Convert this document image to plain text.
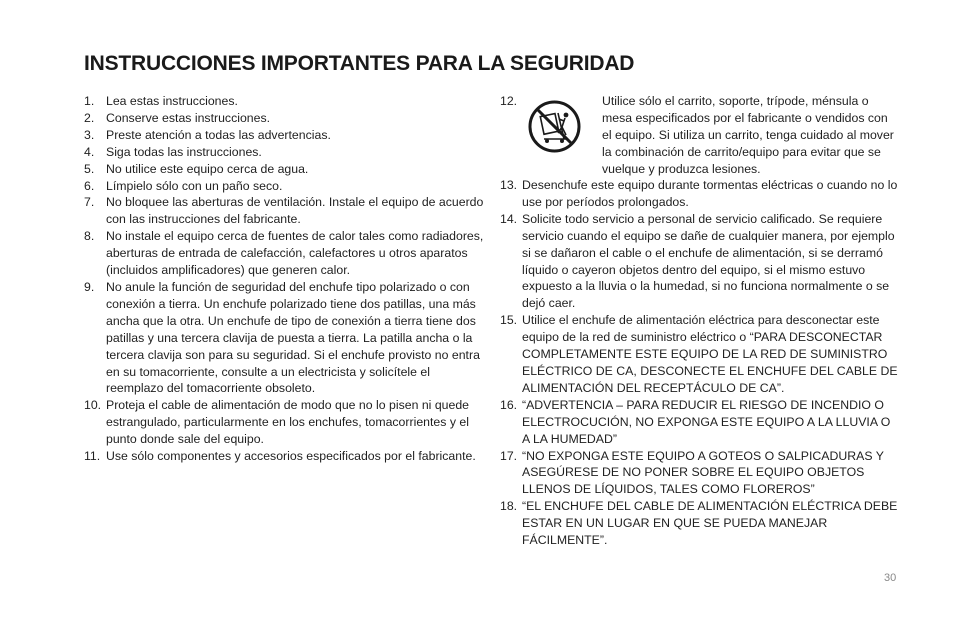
INSTRUCCIONES IMPORTANTES PARA LA SEGURIDAD
1. Lea estas instrucciones.
2. Conserve estas instrucciones.
3. Preste atención a todas las advertencias.
4. Siga todas las instrucciones.
5. No utilice este equipo cerca de agua.
6. Límpielo sólo con un paño seco.
7. No bloquee las aberturas de ventilación. Instale el equipo de acuerdo con las instrucciones del fabricante.
8. No instale el equipo cerca de fuentes de calor tales como radiadores, aberturas de entrada de calefacción, calefactores u otros aparatos (incluidos amplificadores) que generen calor.
9. No anule la función de seguridad del enchufe tipo polarizado o con conexión a tierra. Un enchufe polarizado tiene dos patillas, una más ancha que la otra. Un enchufe de tipo de conexión a tierra tiene dos patillas y una tercera clavija de puesta a tierra. La patilla ancha o la tercera clavija son para su seguridad. Si el enchufe provisto no entra en su tomacorriente, consulte a un electricista y solicítele el reemplazo del tomacorriente obsoleto.
10. Proteja el cable de alimentación de modo que no lo pisen ni quede estrangulado, particularmente en los enchufes, tomacorrientes y el punto donde sale del equipo.
11. Use sólo componentes y accesorios especificados por el fabricante.
12.	Utilice sólo el carrito, soporte, trípode, ménsula o mesa especificados por el fabricante o vendidos con el equipo. Si utiliza un carrito, tenga cuidado al mover la combinación de carrito/equipo para evitar que se vuelque y produzca lesiones.
13. Desenchufe este equipo durante tormentas eléctricas o cuando no lo use por períodos prolongados.
14. Solicite todo servicio a personal de servicio calificado. Se requiere servicio cuando el equipo se dañe de cualquier manera, por ejemplo si se dañaron el cable o el enchufe de alimentación, si se derramó líquido o cayeron objetos dentro del equipo, si el mismo estuvo expuesto a la lluvia o la humedad, si no funciona normalmente o se dejó caer.
15. Utilice el enchufe de alimentación eléctrica para desconectar este equipo de la red de suministro eléctrico o “PARA DESCONECTAR COMPLETAMENTE ESTE EQUIPO DE LA RED DE SUMINISTRO ELÉCTRICO DE CA, DESCONECTE EL ENCHUFE DEL CABLE DE ALIMENTACIÓN DEL RECEPTÁCULO DE CA”.
16. “ADVERTENCIA – PARA REDUCIR EL RIESGO DE INCENDIO O ELECTROCUCIÓN, NO EXPONGA ESTE EQUIPO A LA LLUVIA O A LA HUMEDAD”
17. “NO EXPONGA ESTE EQUIPO A GOTEOS O SALPICADURAS Y ASEGÚRESE DE NO PONER SOBRE EL EQUIPO OBJETOS LLENOS DE LÍQUIDOS, TALES COMO FLOREROS”
18. “EL ENCHUFE DEL CABLE DE ALIMENTACIÓN ELÉCTRICA DEBE ESTAR EN UN LUGAR EN QUE SE PUEDA MANEJAR FÁCILMENTE”.
30
